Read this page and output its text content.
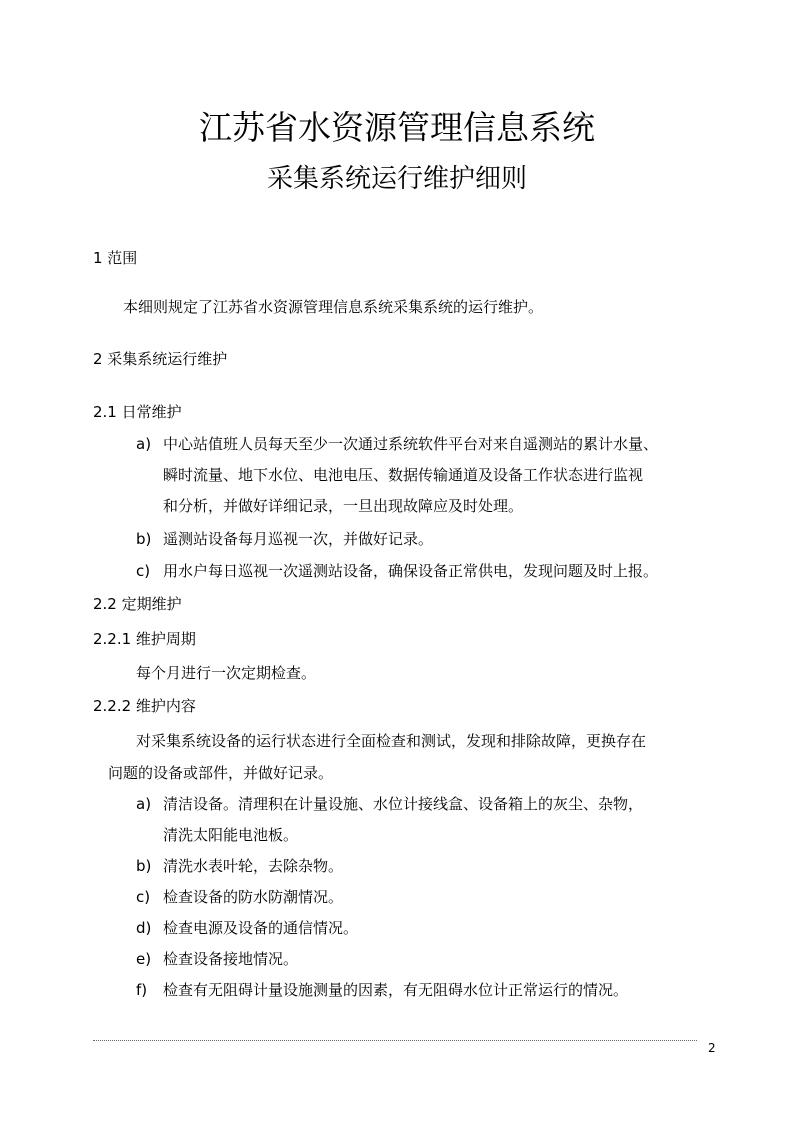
江苏省水资源管理信息系统
采集系统运行维护细则
1 范围
本细则规定了江苏省水资源管理信息系统采集系统的运行维护。
2 采集系统运行维护
2.1 日常维护
a) 中心站值班人员每天至少一次通过系统软件平台对来自遥测站的累计水量、
瞬时流量、地下水位、电池电压、数据传输通道及设备工作状态进行监视
和分析，并做好详细记录，一旦出现故障应及时处理。
b) 遥测站设备每月巡视一次，并做好记录。
c) 用水户每日巡视一次遥测站设备，确保设备正常供电，发现问题及时上报。
2.2 定期维护
2.2.1 维护周期
每个月进行一次定期检查。
2.2.2 维护内容
对采集系统设备的运行状态进行全面检查和测试，发现和排除故障，更换存在
问题的设备或部件，并做好记录。
a) 清洁设备。清理积在计量设施、水位计接线盒、设备箱上的灰尘、杂物，
清洗太阳能电池板。
b) 清洗水表叶轮，去除杂物。
c) 检查设备的防水防潮情况。
d) 检查电源及设备的通信情况。
e) 检查设备接地情况。
f) 检查有无阻碍计量设施测量的因素，有无阻碍水位计正常运行的情况。
2
